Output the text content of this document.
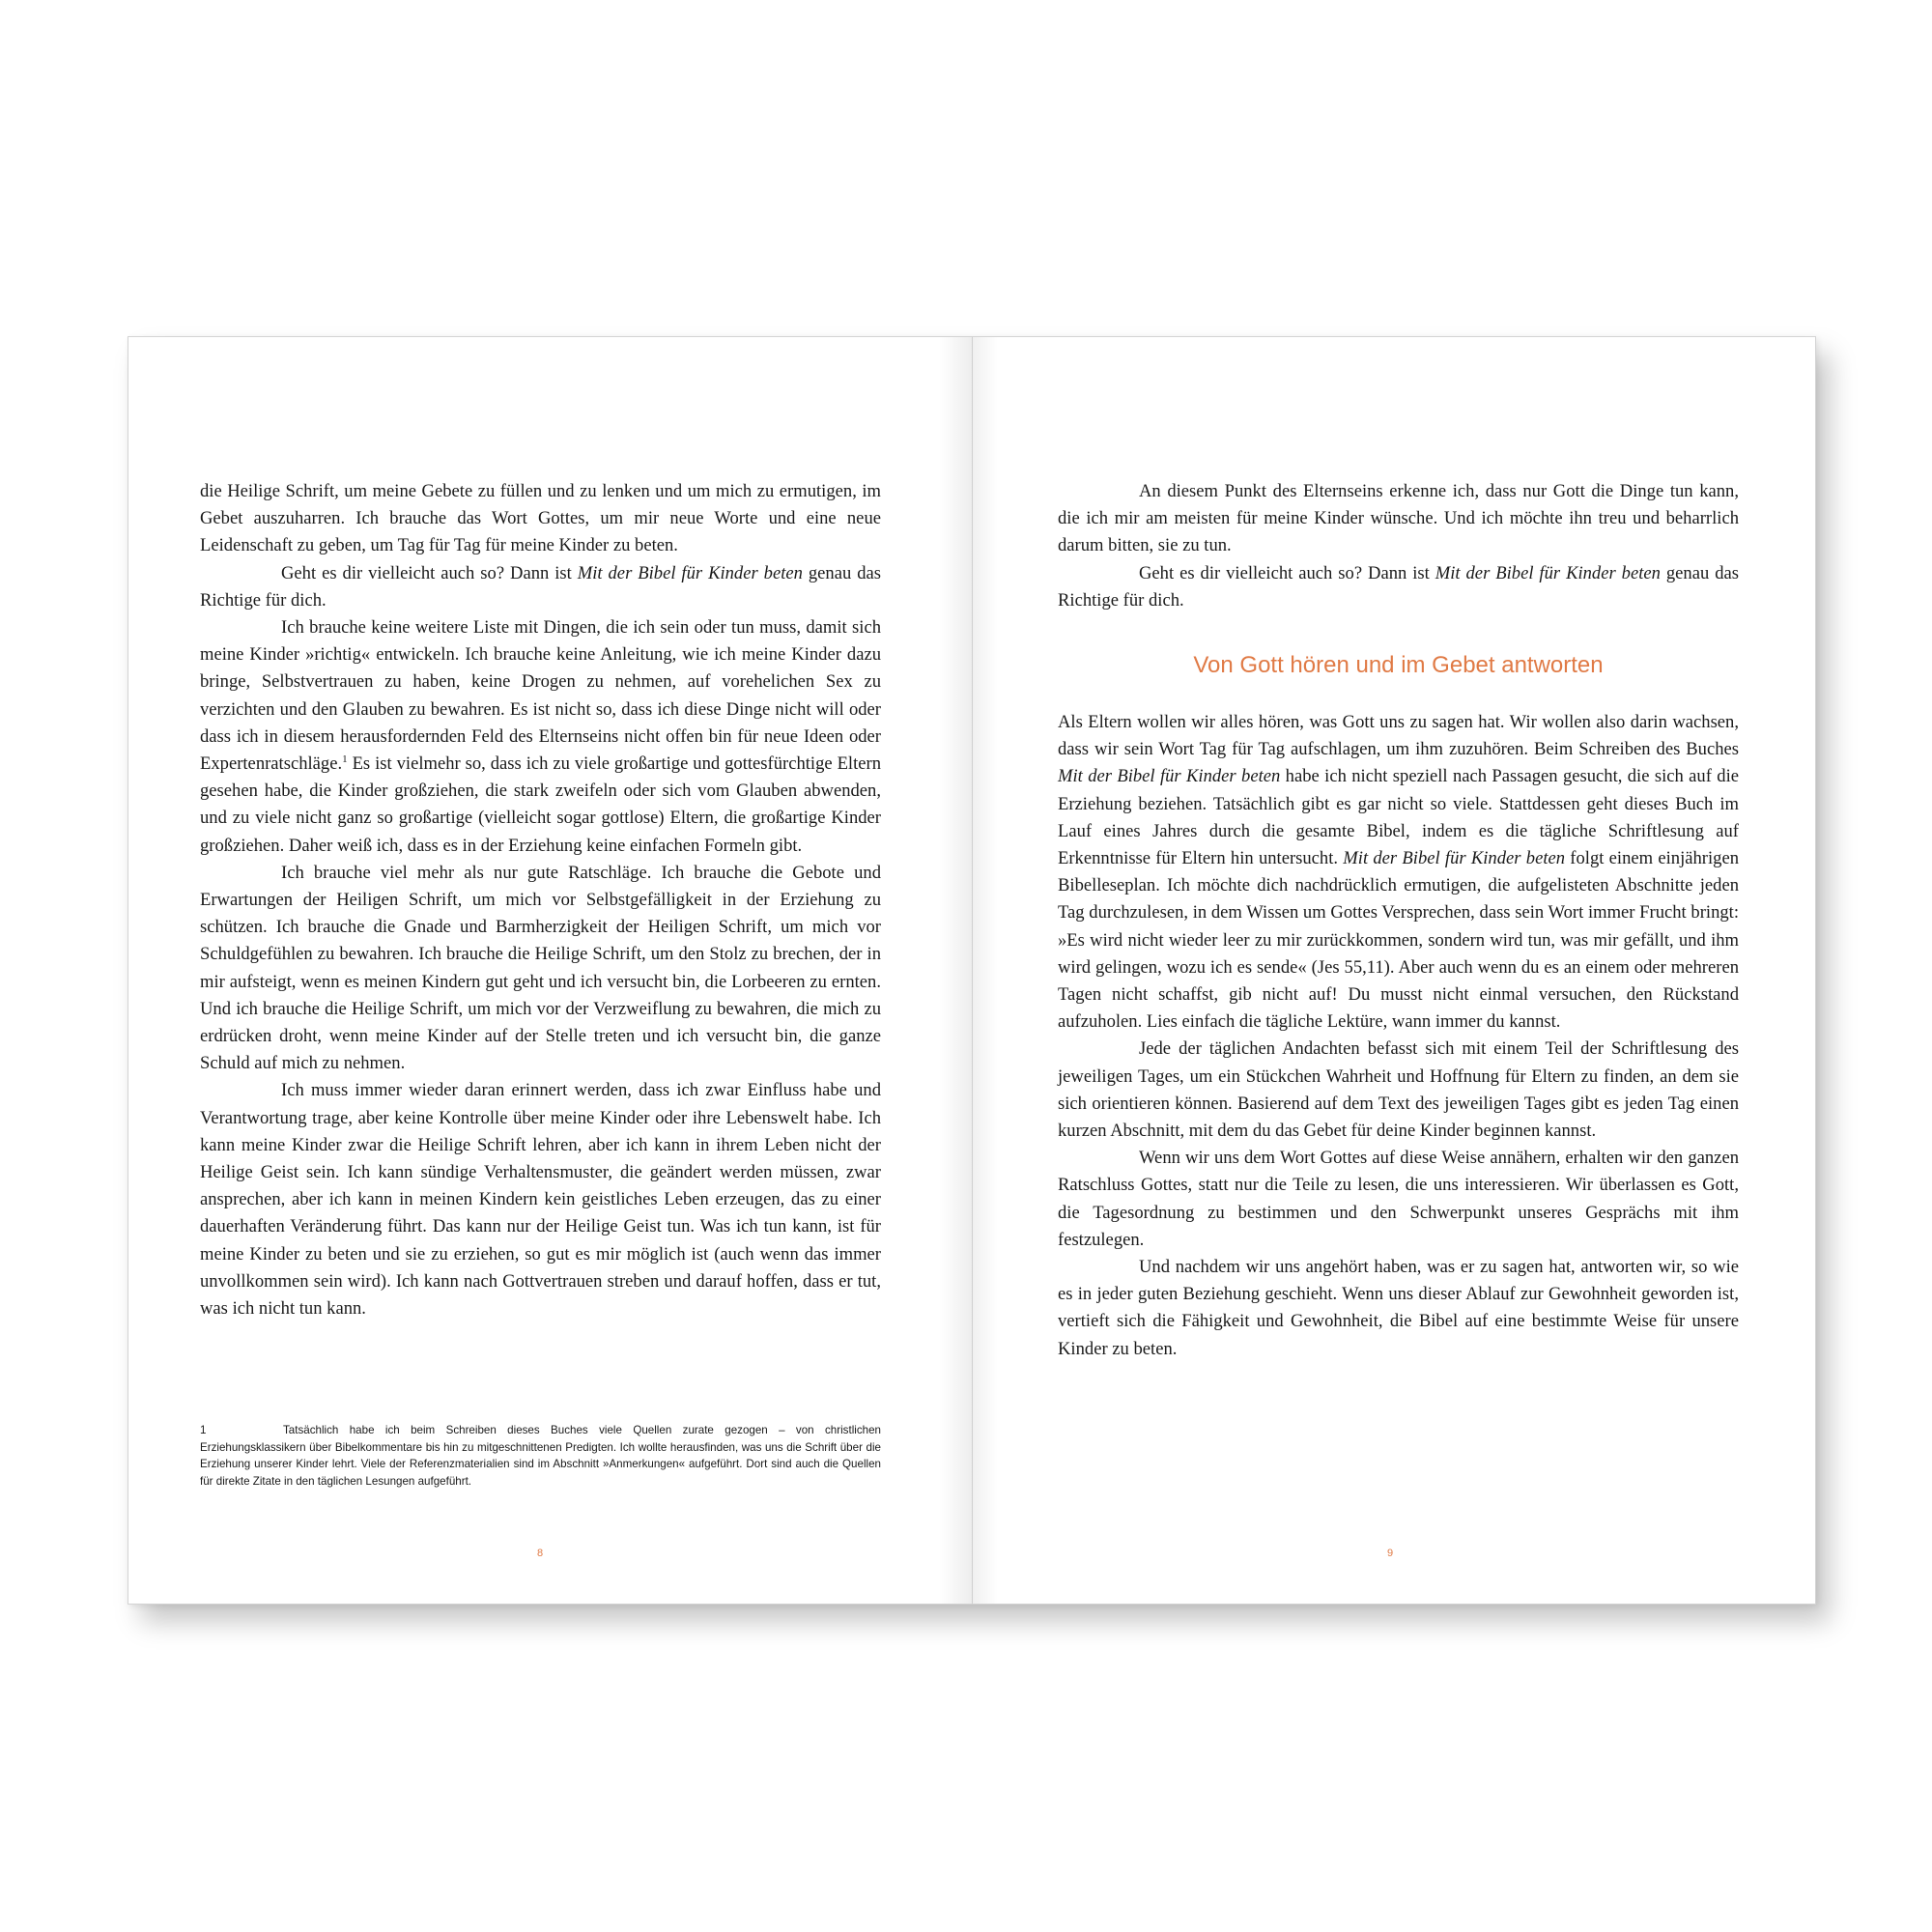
die Heilige Schrift, um meine Gebete zu füllen und zu lenken und um mich zu ermutigen, im Gebet auszuharren. Ich brauche das Wort Gottes, um mir neue Worte und eine neue Leidenschaft zu geben, um Tag für Tag für meine Kinder zu beten.

Geht es dir vielleicht auch so? Dann ist Mit der Bibel für Kinder beten genau das Richtige für dich.

Ich brauche keine weitere Liste mit Dingen, die ich sein oder tun muss, damit sich meine Kinder »richtig« entwickeln. Ich brauche keine Anleitung, wie ich meine Kinder dazu bringe, Selbstvertrauen zu haben, keine Drogen zu nehmen, auf vorehelichen Sex zu verzichten und den Glauben zu bewahren. Es ist nicht so, dass ich diese Dinge nicht will oder dass ich in diesem herausfordernden Feld des Elternseins nicht offen bin für neue Ideen oder Expertenratschläge.$^1$ Es ist vielmehr so, dass ich zu viele großartige und gottesfürchtige Eltern gesehen habe, die Kinder großziehen, die stark zweifeln oder sich vom Glauben abwenden, und zu viele nicht ganz so großartige (vielleicht sogar gottlose) Eltern, die großartige Kinder großziehen. Daher weiß ich, dass es in der Erziehung keine einfachen Formeln gibt.

Ich brauche viel mehr als nur gute Ratschläge. Ich brauche die Gebote und Erwartungen der Heiligen Schrift, um mich vor Selbstgefälligkeit in der Erziehung zu schützen. Ich brauche die Gnade und Barmherzigkeit der Heiligen Schrift, um mich vor Schuldgefühlen zu bewahren. Ich brauche die Heilige Schrift, um den Stolz zu brechen, der in mir aufsteigt, wenn es meinen Kindern gut geht und ich versucht bin, die Lorbeeren zu ernten. Und ich brauche die Heilige Schrift, um mich vor der Verzweiflung zu bewahren, die mich zu erdrücken droht, wenn meine Kinder auf der Stelle treten und ich versucht bin, die ganze Schuld auf mich zu nehmen.

Ich muss immer wieder daran erinnert werden, dass ich zwar Einfluss habe und Verantwortung trage, aber keine Kontrolle über meine Kinder oder ihre Lebenswelt habe. Ich kann meine Kinder zwar die Heilige Schrift lehren, aber ich kann in ihrem Leben nicht der Heilige Geist sein. Ich kann sündige Verhaltensmuster, die geändert werden müssen, zwar ansprechen, aber ich kann in meinen Kindern kein geistliches Leben erzeugen, das zu einer dauerhaften Veränderung führt. Das kann nur der Heilige Geist tun. Was ich tun kann, ist für meine Kinder zu beten und sie zu erziehen, so gut es mir möglich ist (auch wenn das immer unvollkommen sein wird). Ich kann nach Gottvertrauen streben und darauf hoffen, dass er tut, was ich nicht tun kann.

1	Tatsächlich habe ich beim Schreiben dieses Buches viele Quellen zurate gezogen – von christlichen Erziehungsklassikern über Bibelkommentare bis hin zu mitgeschnittenen Predigten. Ich wollte herausfinden, was uns die Schrift über die Erziehung unserer Kinder lehrt. Viele der Referenzmaterialien sind im Abschnitt »Anmerkungen« aufgeführt. Dort sind auch die Quellen für direkte Zitate in den täglichen Lesungen aufgeführt.
8

An diesem Punkt des Elternseins erkenne ich, dass nur Gott die Dinge tun kann, die ich mir am meisten für meine Kinder wünsche. Und ich möchte ihn treu und beharrlich darum bitten, sie zu tun.

Geht es dir vielleicht auch so? Dann ist Mit der Bibel für Kinder beten genau das Richtige für dich.

Von Gott hören und im Gebet antworten

Als Eltern wollen wir alles hören, was Gott uns zu sagen hat. Wir wollen also darin wachsen, dass wir sein Wort Tag für Tag aufschlagen, um ihm zuzuhören. Beim Schreiben des Buches Mit der Bibel für Kinder beten habe ich nicht speziell nach Passagen gesucht, die sich auf die Erziehung beziehen. Tatsächlich gibt es gar nicht so viele. Stattdessen geht dieses Buch im Lauf eines Jahres durch die gesamte Bibel, indem es die tägliche Schriftlesung auf Erkenntnisse für Eltern hin untersucht. Mit der Bibel für Kinder beten folgt einem einjährigen Bibelleseplan. Ich möchte dich nachdrücklich ermutigen, die aufgelisteten Abschnitte jeden Tag durchzulesen, in dem Wissen um Gottes Versprechen, dass sein Wort immer Frucht bringt: »Es wird nicht wieder leer zu mir zurückkommen, sondern wird tun, was mir gefällt, und ihm wird gelingen, wozu ich es sende« (Jes 55,11). Aber auch wenn du es an einem oder mehreren Tagen nicht schaffst, gib nicht auf! Du musst nicht einmal versuchen, den Rückstand aufzuholen. Lies einfach die tägliche Lektüre, wann immer du kannst.

Jede der täglichen Andachten befasst sich mit einem Teil der Schriftlesung des jeweiligen Tages, um ein Stückchen Wahrheit und Hoffnung für Eltern zu finden, an dem sie sich orientieren können. Basierend auf dem Text des jeweiligen Tages gibt es jeden Tag einen kurzen Abschnitt, mit dem du das Gebet für deine Kinder beginnen kannst.

Wenn wir uns dem Wort Gottes auf diese Weise annähern, erhalten wir den ganzen Ratschluss Gottes, statt nur die Teile zu lesen, die uns interessieren. Wir überlassen es Gott, die Tagesordnung zu bestimmen und den Schwerpunkt unseres Gesprächs mit ihm festzulegen.

Und nachdem wir uns angehört haben, was er zu sagen hat, antworten wir, so wie es in jeder guten Beziehung geschieht. Wenn uns dieser Ablauf zur Gewohnheit geworden ist, vertieft sich die Fähigkeit und Gewohnheit, die Bibel auf eine bestimmte Weise für unsere Kinder zu beten.

9
